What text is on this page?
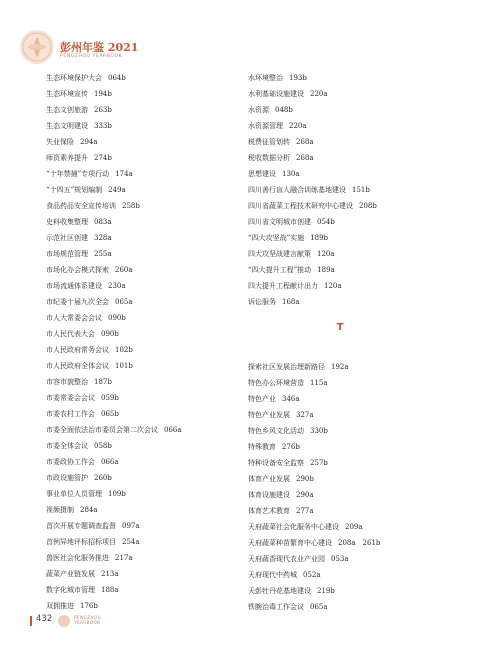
彭州年鉴 2021
PENGZHOU YEARBOOK
生态环境保护大会 064b
生态环境宣传 194b
生态文创旅游 263b
生态文明建设 333b
失业保险 294a
师资素养提升 274b
“十年禁捕”专项行动 174a
“十四五”规划编制 249a
食品药品安全宣传培训 258b
史料收集整理 083a
示范社区创建 328a
市场规范管理 255a
市场化办会模式探索 260a
市场流通体系建设 230a
市纪委十届九次全会 065a
市人大常委会会议 090b
市人民代表大会 090b
市人民政府常务会议 102b
市人民政府全体会议 101b
市容市貌整治 187b
市委常委会会议 059b
市委农村工作会 065b
市委全面依法治市委员会第二次会议 066a
市委全体会议 058b
市委政协工作会 066a
市政设施管护 260b
事业单位人员管理 109b
视频摄制 284a
首次开展专题调查监督 097a
首例异地评标招标项目 254a
兽医社会化服务推进 217a
蔬菜产业链发展 213a
数字化城市管理 188a
双拥推进 176b
水环境整治 193b
水利基础设施建设 220a
水资源 048b
水资源管理 220a
税费征管划转 268a
税收数据分析 268a
思想建设 130a
四川善行盲人融合训练基地建设 151b
四川省蔬菜工程技术研究中心建设 208b
四川省文明城市创建 054b
“四大攻坚战”实施 189b
四大攻坚战建言献策 120a
“四大提升工程”推动 189a
四大提升工程献计出力 120a
诉讼服务 168a
T
探索社区发展治理新路径 192a
特色办公环境营造 115a
特色产业 346a
特色产业发展 327a
特色乡风文化活动 330b
特殊教育 276b
特种设备安全监察 257b
体育产业发展 290b
体育设施建设 290a
体育艺术教育 277a
天府蔬菜社会化服务中心建设 209a
天府蔬菜种苗繁育中心建设 208a　261b
天府蔬香现代农业产业园 053a
天府现代中药城 052a
天彭牡丹花基地建设 219b
铁腕治毒工作会议 065a
432	PENGZHOU
YEARBOOK
